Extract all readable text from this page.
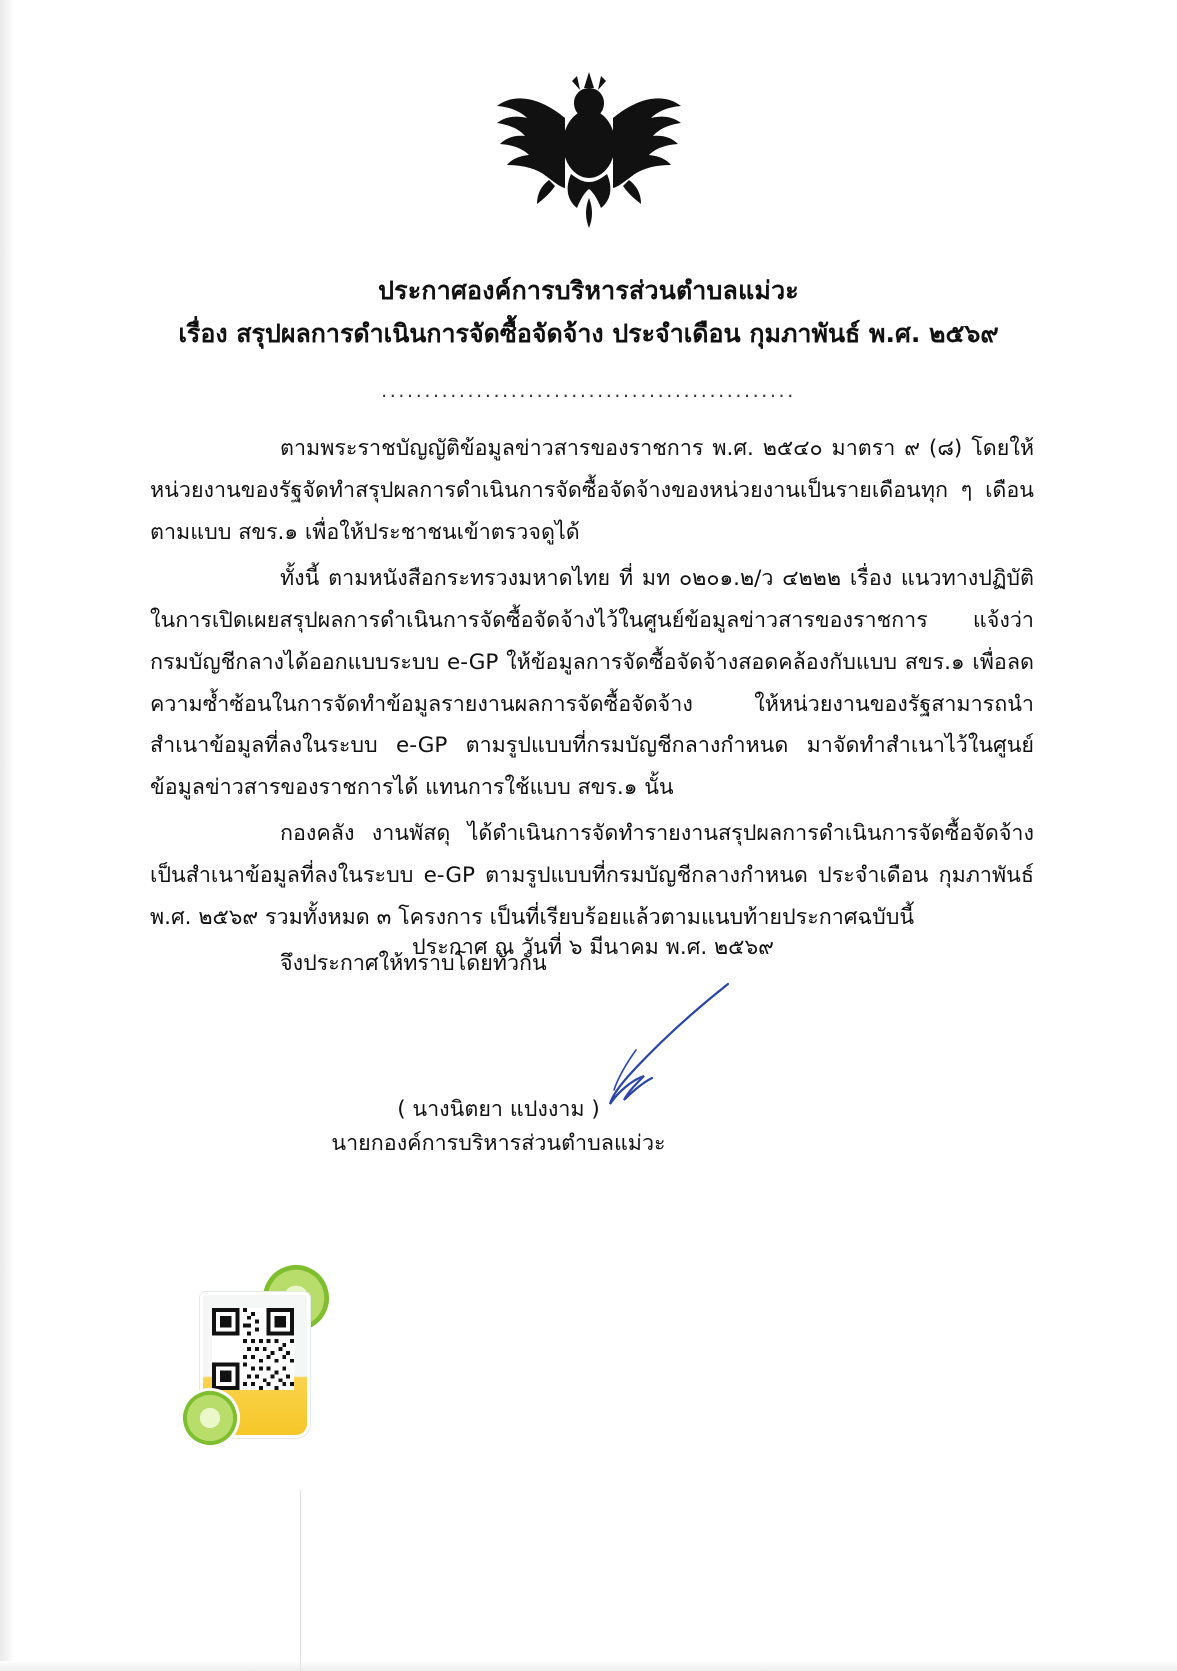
ประกาศองค์การบริหารส่วนตำบลแม่วะ
เรื่อง สรุปผลการดำเนินการจัดซื้อจัดจ้าง ประจำเดือน กุมภาพันธ์ พ.ศ. ๒๕๖๙
................................................

ตามพระราชบัญญัติข้อมูลข่าวสารของราชการ พ.ศ. ๒๕๔๐ มาตรา ๙ (๘) โดยให้หน่วยงานของรัฐจัดทำสรุปผลการดำเนินการจัดซื้อจัดจ้างของหน่วยงานเป็นรายเดือนทุก ๆ เดือน ตามแบบ สขร.๑ เพื่อให้ประชาชนเข้าตรวจดูได้

ทั้งนี้ ตามหนังสือกระทรวงมหาดไทย ที่ มท ๐๒๐๑.๒/ว ๔๒๒๒ เรื่อง แนวทางปฏิบัติในการเปิดเผยสรุปผลการดำเนินการจัดซื้อจัดจ้างไว้ในศูนย์ข้อมูลข่าวสารของราชการ แจ้งว่ากรมบัญชีกลางได้ออกแบบระบบ e-GP ให้ข้อมูลการจัดซื้อจัดจ้างสอดคล้องกับแบบ สขร.๑ เพื่อลดความซ้ำซ้อนในการจัดทำข้อมูลรายงานผลการจัดซื้อจัดจ้าง ให้หน่วยงานของรัฐสามารถนำสำเนาข้อมูลที่ลงในระบบ e-GP ตามรูปแบบที่กรมบัญชีกลางกำหนด มาจัดทำสำเนาไว้ในศูนย์ข้อมูลข่าวสารของราชการได้ แทนการใช้แบบ สขร.๑ นั้น

กองคลัง งานพัสดุ ได้ดำเนินการจัดทำรายงานสรุปผลการดำเนินการจัดซื้อจัดจ้างเป็นสำเนาข้อมูลที่ลงในระบบ e-GP ตามรูปแบบที่กรมบัญชีกลางกำหนด ประจำเดือน กุมภาพันธ์ พ.ศ. ๒๕๖๙ รวมทั้งหมด ๓ โครงการ เป็นที่เรียบร้อยแล้วตามแนบท้ายประกาศฉบับนี้

จึงประกาศให้ทราบโดยทั่วกัน

ประกาศ ณ วันที่ ๖ มีนาคม พ.ศ. ๒๕๖๙
( นางนิตยา แปงงาม )
นายกองค์การบริหารส่วนตำบลแม่วะ
